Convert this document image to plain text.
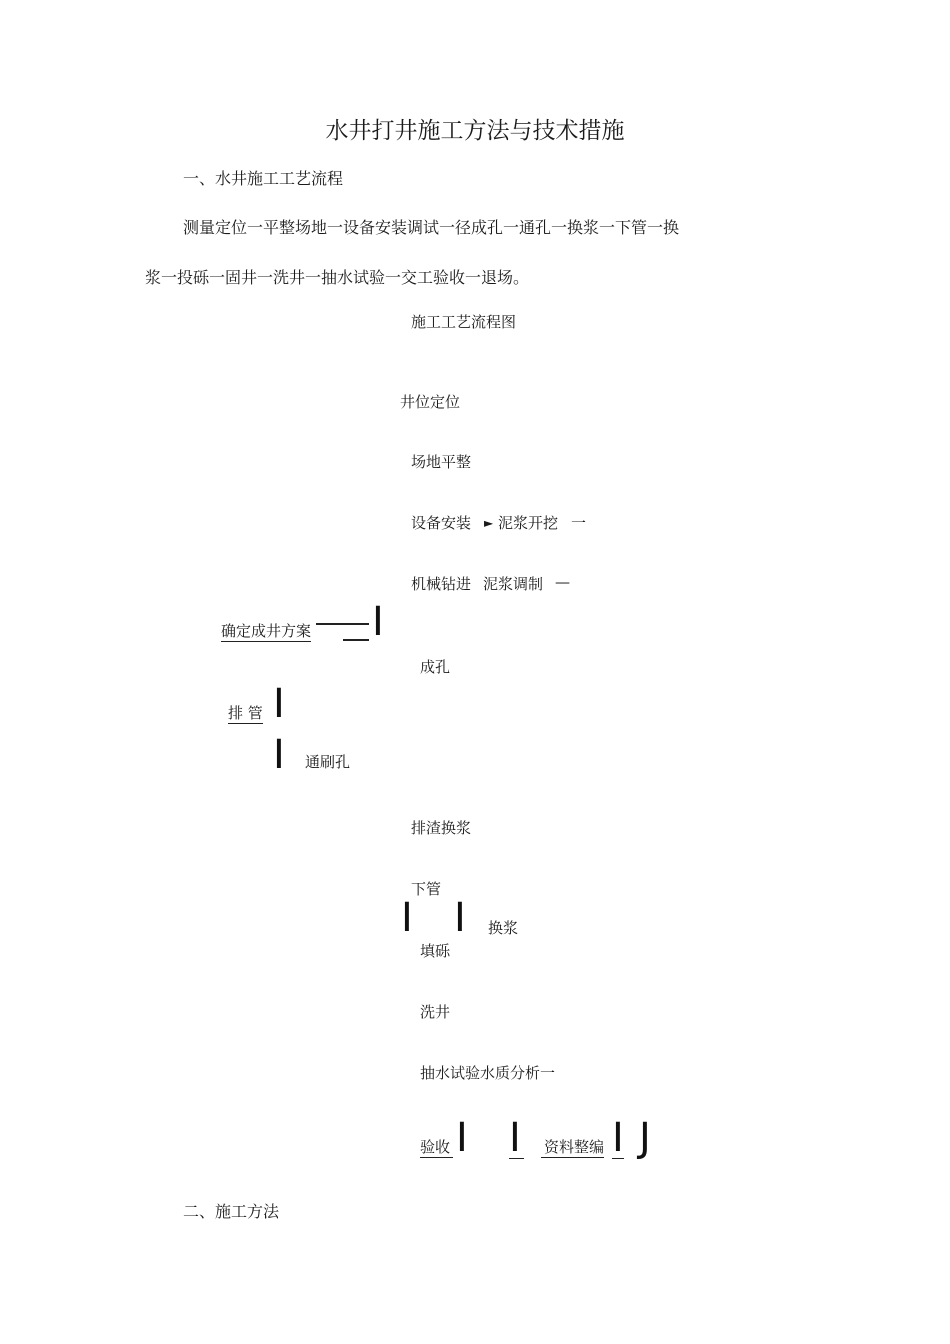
水井打井施工方法与技术措施
一、水井施工工艺流程
测量定位一平整场地一设备安装调试一径成孔一通孔一换浆一下管一换
浆一投砾一固井一洗井一抽水试验一交工验收一退场。
施工工艺流程图
井位定位
场地平整
设备安装 ► 泥浆开挖 一
机械钻进 泥浆调制 —
确定成井方案 I
成孔
排 管 I
I 通刷孔
排渣换浆
下管
I I 换浆
填砾
洗井
抽水试验水质分析一
验收 I I 资料整编 I J
二、施工方法
